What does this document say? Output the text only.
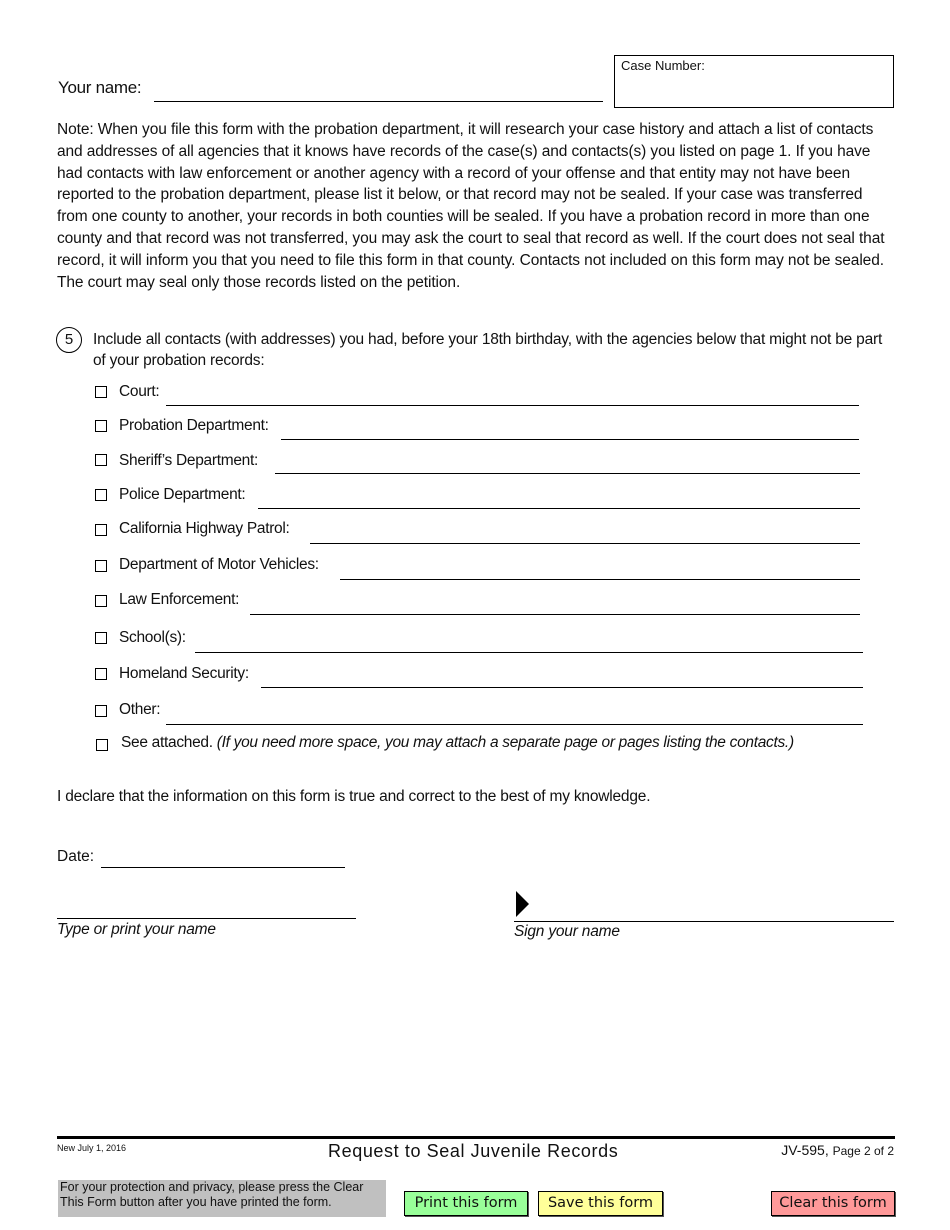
Your name:
Case Number:
Note: When you file this form with the probation department, it will research your case history and attach a list of contacts and addresses of all agencies that it knows have records of the case(s) and contacts(s) you listed on page 1. If you have had contacts with law enforcement or another agency with a record of your offense and that entity may not have been reported to the probation department, please list it below, or that record may not be sealed. If your case was transferred from one county to another, your records in both counties will be sealed. If you have a probation record in more than one county and that record was not transferred, you may ask the court to seal that record as well. If the court does not seal that record, it will inform you that you need to file this form in that county. Contacts not included on this form may not be sealed. The court may seal only those records listed on the petition.
5	Include all contacts (with addresses) you had, before your 18th birthday, with the agencies below that might not be part of your probation records:
Court:
Probation Department:
Sheriff’s Department:
Police Department:
California Highway Patrol:
Department of Motor Vehicles:
Law Enforcement:
School(s):
Homeland Security:
Other:
See attached. (If you need more space, you may attach a separate page or pages listing the contacts.)
I declare that the information on this form is true and correct to the best of my knowledge.
Date:
Type or print your name	Sign your name
New July 1, 2016	Request to Seal Juvenile Records	JV-595, Page 2 of 2
For your protection and privacy, please press the Clear This Form button after you have printed the form.	Print this form	Save this form	Clear this form
